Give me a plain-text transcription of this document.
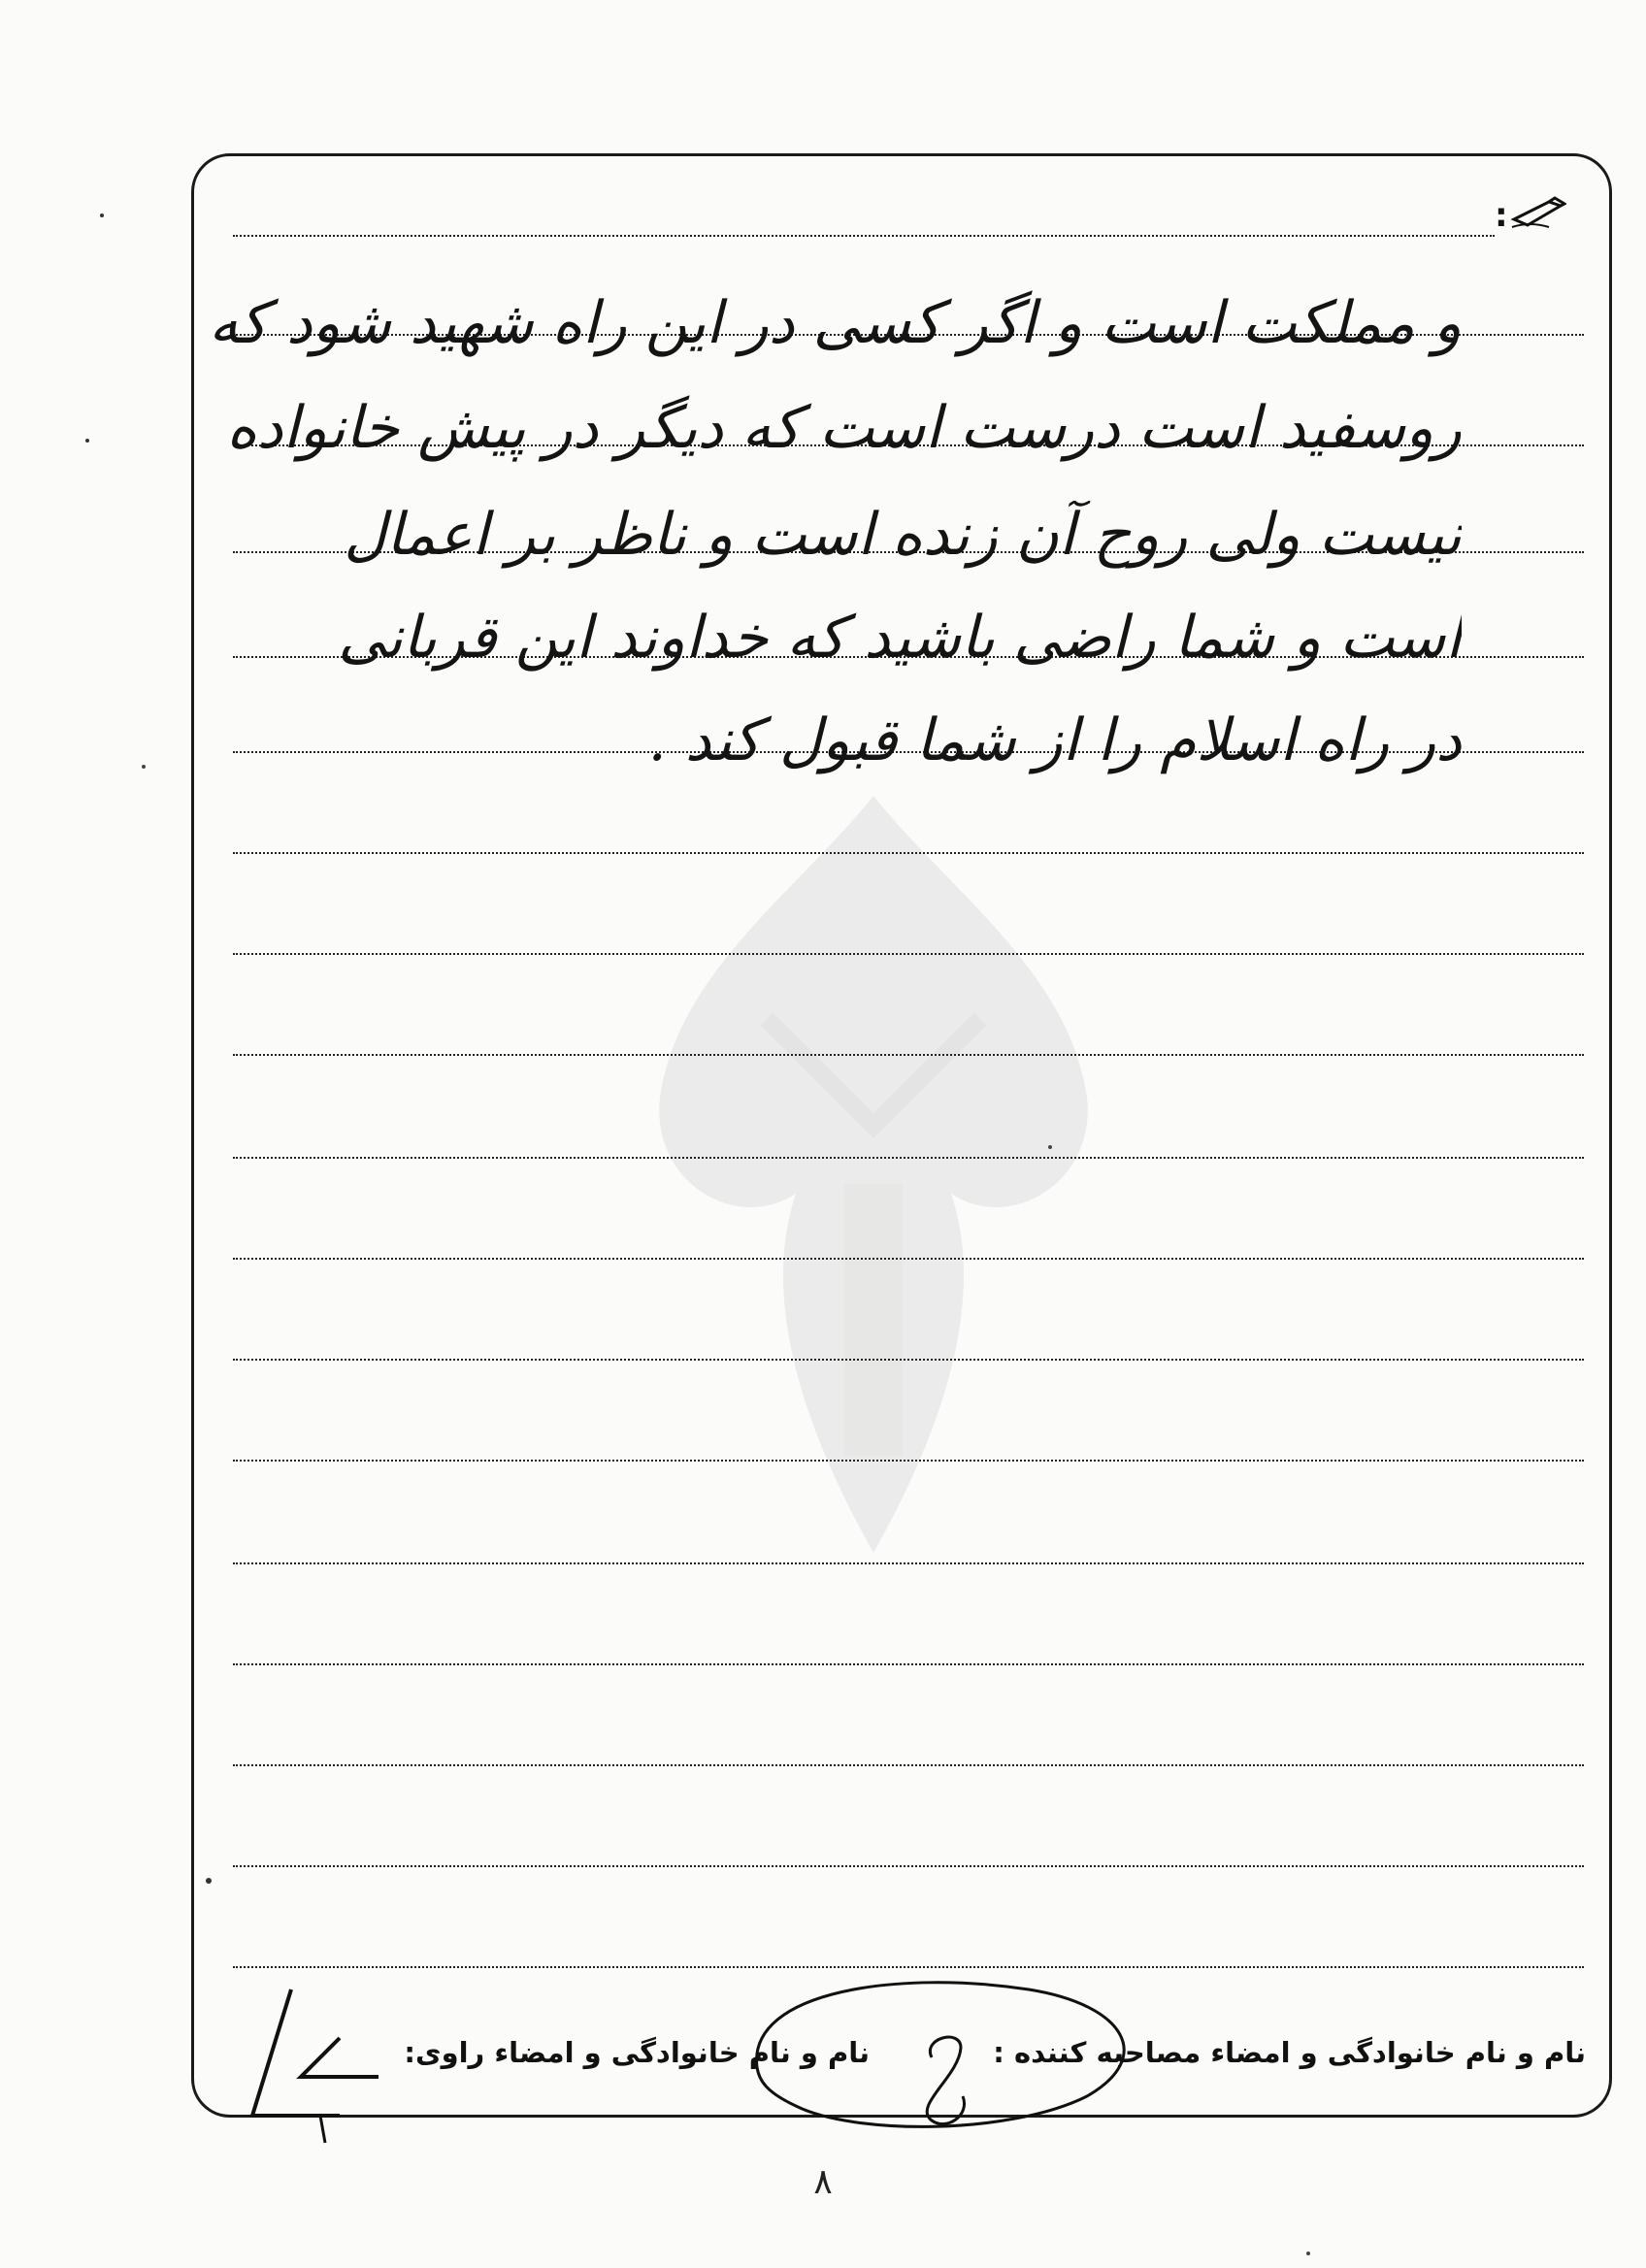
:
و مملکت است و اگر کسی در این راه شهید شود که
روسفید است درست است که دیگر در پیش خانواده
نیست ولی روح آن زنده است و ناظر بر اعمال
است و شما راضی باشید که خداوند این قربانی
در راه اسلام را از شما قبول کند .
نام و نام خانوادگی و امضاء مصاحبه کننده :
نام و نام خانوادگی و امضاء راوی:
۸
